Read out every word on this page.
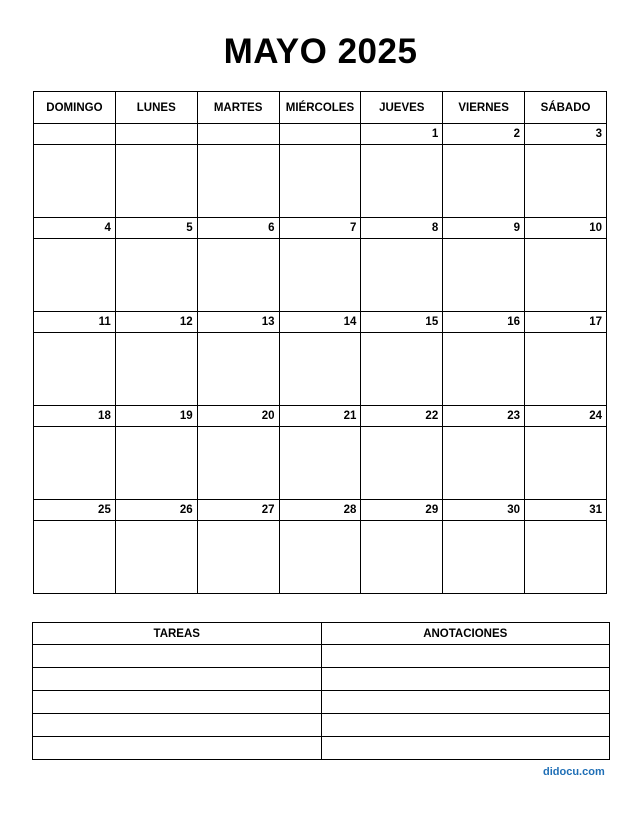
MAYO 2025
DOMINGO	LUNES	MARTES	MIÉRCOLES	JUEVES	VIERNES	SÁBADO
				1	2	3

4	5	6	7	8	9	10

11	12	13	14	15	16	17

18	19	20	21	22	23	24

25	26	27	28	29	30	31

TAREAS	ANOTACIONES

didocu.com
